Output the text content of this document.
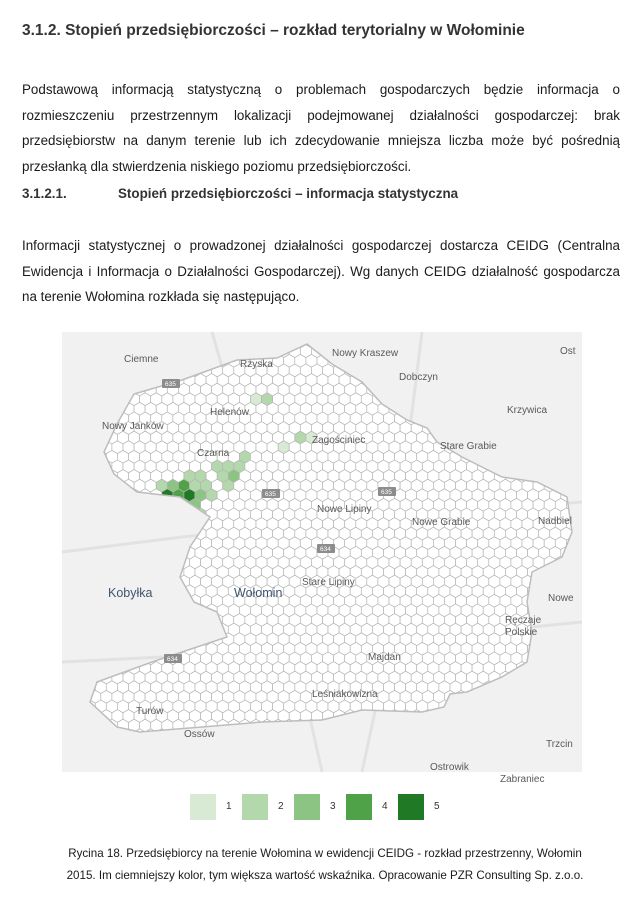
3.1.2. Stopień przedsiębiorczości – rozkład terytorialny w Wołominie
Podstawową informacją statystyczną o problemach gospodarczych będzie informacja o rozmieszczeniu przestrzennym lokalizacji podejmowanej działalności gospodarczej: brak przedsiębiorstw na danym terenie lub ich zdecydowanie mniejsza liczba może być pośrednią przesłanką dla stwierdzenia niskiego poziomu przedsiębiorczości.
3.1.2.1.	Stopień przedsiębiorczości – informacja statystyczna
Informacji statystycznej o prowadzonej działalności gospodarczej dostarcza CEIDG (Centralna Ewidencja i Informacja o Działalności Gospodarczej). Wg danych CEIDG działalność gospodarcza na terenie Wołomina rozkłada się następująco.
635
635	635
634
634
Ciemne	Rżyska
Nowy Kraszew	Ost
Dobczyn
Helenów
Nowy Janków
Krzywica
Zagościniec
Stare Grabie
Czarna
Nowe Lipiny
Nowe Grabie	Nadbiel
Kobyłka	Wołomin
Stare Lipiny
Nowe
Ręczaje
Polskie
Majdan
Leśniakowizna
Turów
Ossów
Trzcin
Ostrowik
Zabraniec
1	2	3	4	5
Rycina 18. Przedsiębiorcy na terenie Wołomina w ewidencji CEIDG - rozkład przestrzenny, Wołomin
2015. Im ciemniejszy kolor, tym większa wartość wskaźnika. Opracowanie PZR Consulting Sp. z.o.o.
